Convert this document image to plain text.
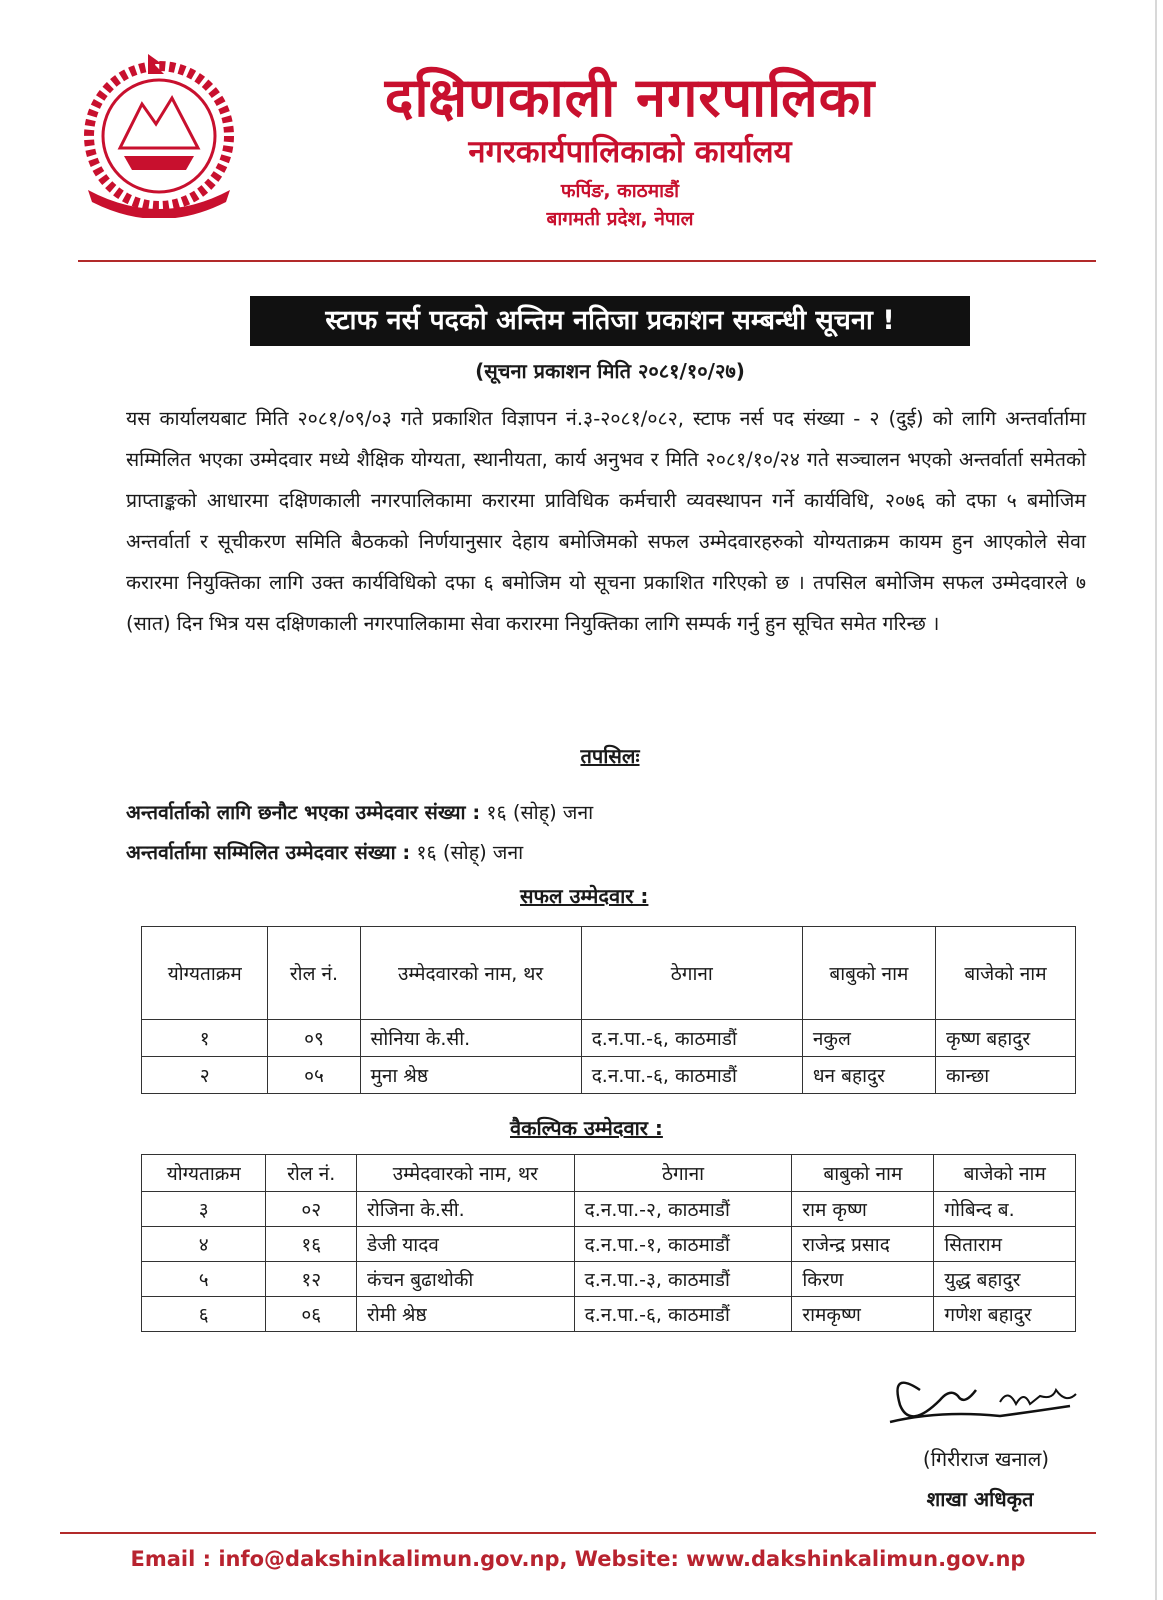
दक्षिणकाली नगरपालिका
नगरकार्यपालिकाको कार्यालय
फर्पिङ, काठमाडौं
बागमती प्रदेश, नेपाल
स्टाफ नर्स पदको अन्तिम नतिजा प्रकाशन सम्बन्धी सूचना !
(सूचना प्रकाशन मिति २०८१/१०/२७)
यस कार्यालयबाट मिति २०८१/०९/०३ गते प्रकाशित विज्ञापन नं.३-२०८१/०८२, स्टाफ नर्स पद संख्या - २ (दुई) को लागि अन्तर्वार्तामा सम्मिलित भएका उम्मेदवार मध्ये शैक्षिक योग्यता, स्थानीयता, कार्य अनुभव र मिति २०८१/१०/२४ गते सञ्चालन भएको अन्तर्वार्ता समेतको प्राप्ताङ्कको आधारमा दक्षिणकाली नगरपालिकामा करारमा प्राविधिक कर्मचारी व्यवस्थापन गर्ने कार्यविधि, २०७६ को दफा ५ बमोजिम अन्तर्वार्ता र सूचीकरण समिति बैठकको निर्णयानुसार देहाय बमोजिमको सफल उम्मेदवारहरुको योग्यताक्रम कायम हुन आएकोले सेवा करारमा नियुक्तिका लागि उक्त कार्यविधिको दफा ६ बमोजिम यो सूचना प्रकाशित गरिएको छ । तपसिल बमोजिम सफल उम्मेदवारले ७ (सात) दिन भित्र यस दक्षिणकाली नगरपालिकामा सेवा करारमा नियुक्तिका लागि सम्पर्क गर्नु हुन सूचित समेत गरिन्छ ।
तपसिलः
अन्तर्वार्ताको लागि छनौट भएका उम्मेदवार संख्या : १६ (सोह्) जना
अन्तर्वार्तामा सम्मिलित उम्मेदवार संख्या : १६ (सोह्) जना
सफल उम्मेदवार :
योग्यताक्रम	रोल नं.	उम्मेदवारको नाम, थर	ठेगाना	बाबुको नाम	बाजेको नाम
१	०९	सोनिया के.सी.	द.न.पा.-६, काठमाडौं	नकुल	कृष्ण बहादुर
२	०५	मुना श्रेष्ठ	द.न.पा.-६, काठमाडौं	धन बहादुर	कान्छा
वैकल्पिक उम्मेदवार :
योग्यताक्रम	रोल नं.	उम्मेदवारको नाम, थर	ठेगाना	बाबुको नाम	बाजेको नाम
३	०२	रोजिना के.सी.	द.न.पा.-२, काठमाडौं	राम कृष्ण	गोबिन्द ब.
४	१६	डेजी यादव	द.न.पा.-१, काठमाडौं	राजेन्द्र प्रसाद	सिताराम
५	१२	कंचन बुढाथोकी	द.न.पा.-३, काठमाडौं	किरण	युद्ध बहादुर
६	०६	रोमी श्रेष्ठ	द.न.पा.-६, काठमाडौं	रामकृष्ण	गणेश बहादुर
(गिरीराज खनाल)
शाखा अधिकृत
Email : info@dakshinkalimun.gov.np, Website: www.dakshinkalimun.gov.np
